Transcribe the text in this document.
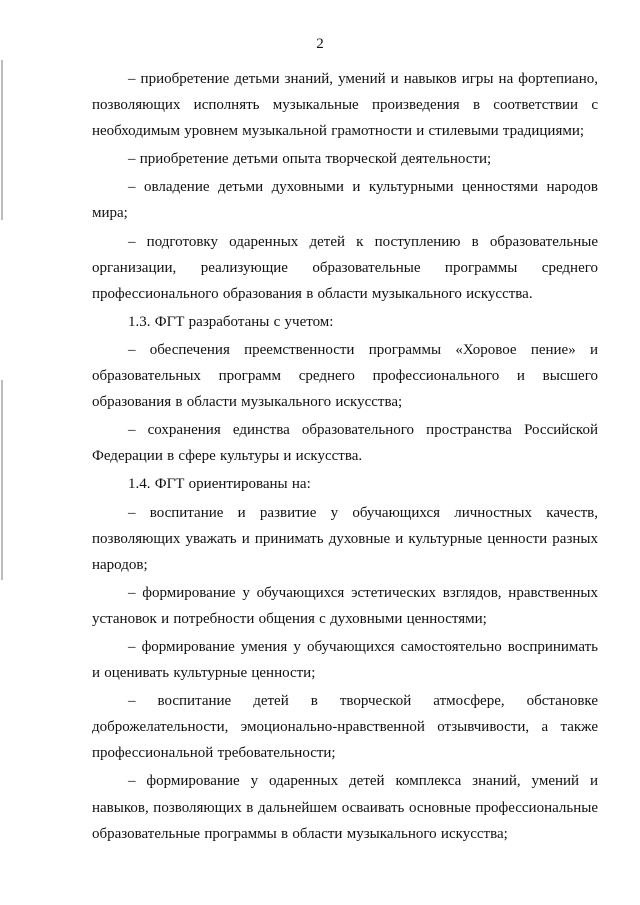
2

– приобретение детьми знаний, умений и навыков игры на фортепиано, позволяющих исполнять музыкальные произведения в соответствии с необходимым уровнем музыкальной грамотности и стилевыми традициями;

– приобретение детьми опыта творческой деятельности;

– овладение детьми духовными и культурными ценностями народов мира;

– подготовку одаренных детей к поступлению в образовательные организации, реализующие образовательные программы среднего профессионального образования в области музыкального искусства.

1.3. ФГТ разработаны с учетом:

– обеспечения преемственности программы «Хоровое пение» и образовательных программ среднего профессионального и высшего образования в области музыкального искусства;

– сохранения единства образовательного пространства Российской Федерации в сфере культуры и искусства.

1.4. ФГТ ориентированы на:

– воспитание и развитие у обучающихся личностных качеств, позволяющих уважать и принимать духовные и культурные ценности разных народов;

– формирование у обучающихся эстетических взглядов, нравственных установок и потребности общения с духовными ценностями;

– формирование умения у обучающихся самостоятельно воспринимать и оценивать культурные ценности;

– воспитание детей в творческой атмосфере, обстановке доброжелательности, эмоционально-нравственной отзывчивости, а также профессиональной требовательности;

– формирование у одаренных детей комплекса знаний, умений и навыков, позволяющих в дальнейшем осваивать основные профессиональные образовательные программы в области музыкального искусства;
